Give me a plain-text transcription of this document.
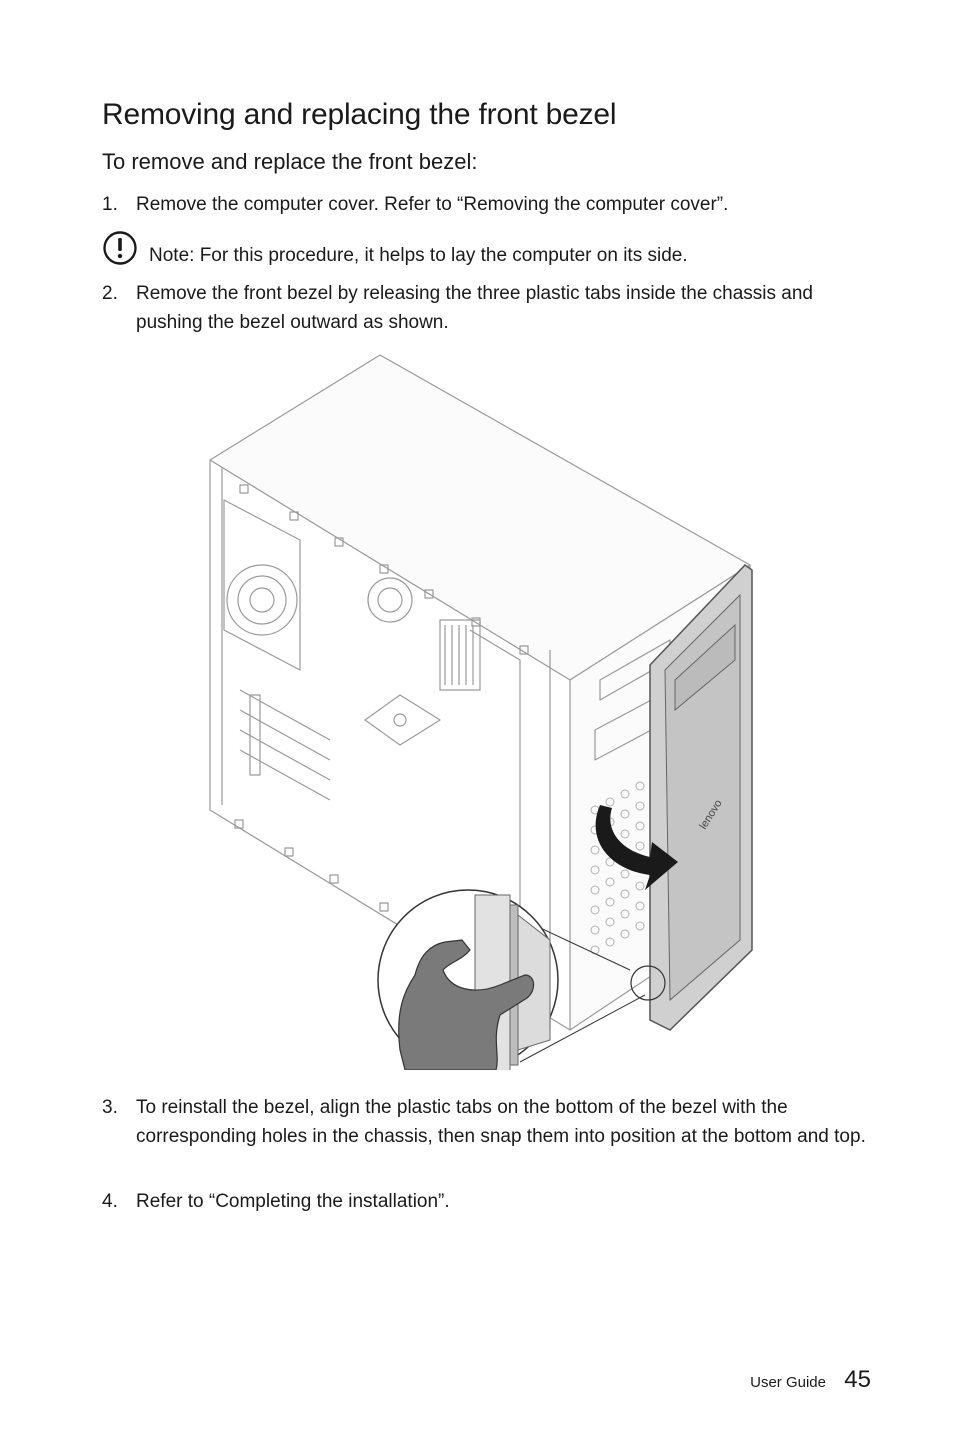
Removing and replacing the front bezel
To remove and replace the front bezel:
1. Remove the computer cover. Refer to “Removing the computer cover”.
Note: For this procedure, it helps to lay the computer on its side.
2. Remove the front bezel by releasing the three plastic tabs inside the chassis and pushing the bezel outward as shown.
lenovo
3. To reinstall the bezel, align the plastic tabs on the bottom of the bezel with the corresponding holes in the chassis, then snap them into position at the bottom and top.
4. Refer to “Completing the installation”.
User Guide 45
